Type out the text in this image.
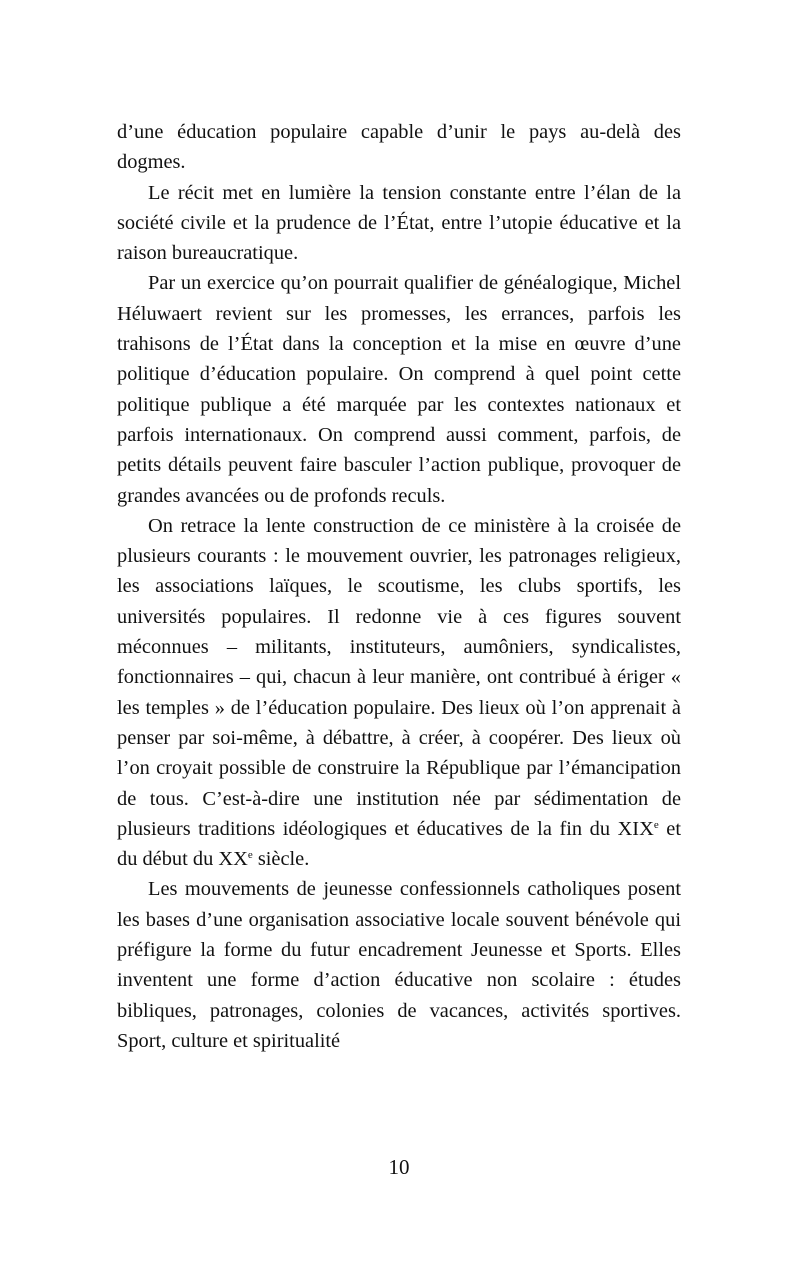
d’une éducation populaire capable d’unir le pays au-delà des dogmes.

Le récit met en lumière la tension constante entre l’élan de la société civile et la prudence de l’État, entre l’utopie éducative et la raison bureaucratique.

Par un exercice qu’on pourrait qualifier de généalogique, Michel Héluwaert revient sur les promesses, les errances, parfois les trahisons de l’État dans la conception et la mise en œuvre d’une politique d’éducation populaire. On comprend à quel point cette politique publique a été marquée par les contextes nationaux et parfois internationaux. On comprend aussi comment, parfois, de petits détails peuvent faire basculer l’action publique, provoquer de grandes avancées ou de profonds reculs.

On retrace la lente construction de ce ministère à la croisée de plusieurs courants : le mouvement ouvrier, les patronages religieux, les associations laïques, le scoutisme, les clubs sportifs, les universités populaires. Il redonne vie à ces figures souvent méconnues – militants, instituteurs, aumôniers, syndicalistes, fonctionnaires – qui, chacun à leur manière, ont contribué à ériger « les temples » de l’éducation populaire. Des lieux où l’on apprenait à penser par soi-même, à débattre, à créer, à coopérer. Des lieux où l’on croyait possible de construire la République par l’émancipation de tous. C’est-à-dire une institution née par sédimentation de plusieurs traditions idéologiques et éducatives de la fin du XIXe et du début du XXe siècle.

Les mouvements de jeunesse confessionnels catholiques posent les bases d’une organisation associative locale souvent bénévole qui préfigure la forme du futur encadrement Jeunesse et Sports. Elles inventent une forme d’action éducative non scolaire : études bibliques, patronages, colonies de vacances, activités sportives. Sport, culture et spiritualité

10
